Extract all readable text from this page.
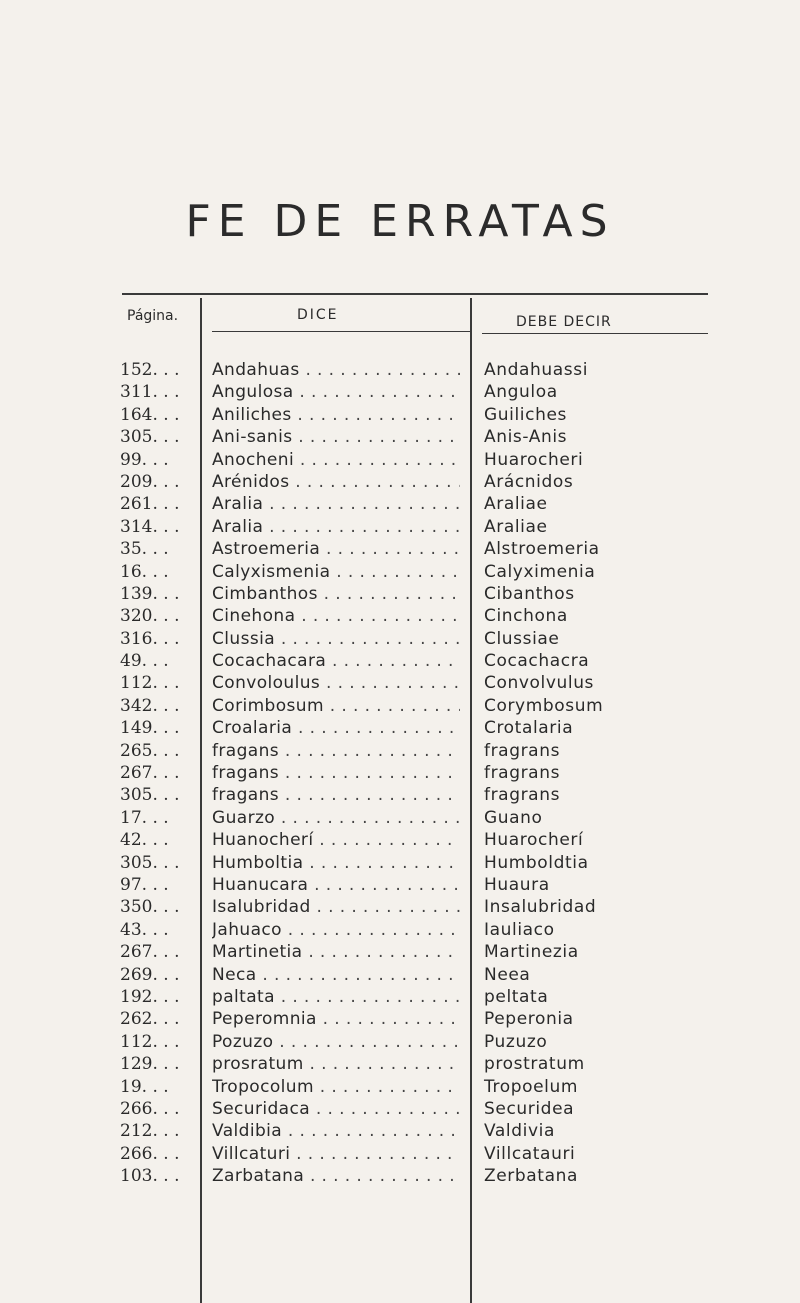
FE DE ERRATAS
Página.	DICE	DEBE DECIR
152. . .	Andahuas . . .	Andahuassi
311. . .	Angulosa . . .	Anguloa
164. . .	Aniliches . . .	Guiliches
305. . .	Ani-sanis . . .	Anis-Anis
99. . .	Anocheni . . .	Huarocheri
209. . .	Arénidos . . .	Arácnidos
261. . .	Aralia . . .	Araliae
314. . .	Aralia . . .	Araliae
35. . .	Astroemeria . . .	Alstroemeria
16. . .	Calyxismenia . . .	Calyximenia
139. . .	Cimbanthos . . .	Cibanthos
320. . .	Cinehona . . .	Cinchona
316. . .	Clussia . . .	Clussiae
49. . .	Cocachacara . . .	Cocachacra
112. . .	Convoloulus . . .	Convolvulus
342. . .	Corimbosum . . .	Corymbosum
149. . .	Croalaria . . .	Crotalaria
265. . .	fragans . . .	fragrans
267. . .	fragans . . .	fragrans
305. . .	fragans . . .	fragrans
17. . .	Guarzo . . .	Guano
42. . .	Huanocherí . . .	Huarocherí
305. . .	Humboltia . . .	Humboldtia
97. . .	Huanucara . . .	Huaura
350. . .	Isalubridad . . .	Insalubridad
43. . .	Jahuaco . . .	Iauliaco
267. . .	Martinetia . . .	Martinezia
269. . .	Neca . . .	Neea
192. . .	paltata . . .	peltata
262. . .	Peperomnia . . .	Peperonia
112. . .	Pozuzo . . .	Puzuzo
129. . .	prosratum . . .	prostratum
19. . .	Tropocolum . . .	Tropoelum
266. . .	Securidaca . . .	Securidea
212. . .	Valdibia . . .	Valdivia
266. . .	Villcaturi . . .	Villcatauri
103. . .	Zarbatana . . .	Zerbatana
